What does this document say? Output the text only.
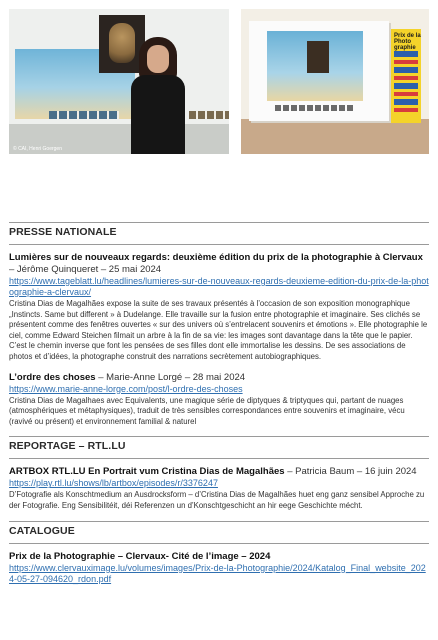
© CAI, Henri Goergen
Prix de la Photo graphie
PRESSE NATIONALE

Lumières sur de nouveaux regards: deuxième édition du prix de la photographie à Clervaux – Jérôme Quinqueret – 25 mai 2024

https://www.tageblatt.lu/headlines/lumieres-sur-de-nouveaux-regards-deuxieme-edition-du-prix-de-la-photographie-a-clervaux/

Cristina Dias de Magalhães expose la suite de ses travaux présentés à l’occasion de son exposition monographique „Instincts. Same but different » à Dudelange. Elle travaille sur la fusion entre photographie et imaginaire. Ses clichés se présentent comme des fenêtres ouvertes « sur des univers où s’entrelacent souvenirs et émotions ». Elle photographie le ciel, comme Edward Steichen filmait un arbre à la fin de sa vie: les images sont davantage dans la tête que le papier. C’est le chemin inverse que font les pensées de ses filles dont elle immortalise les dessins. De ses associations de photos et d’idées, la photographe construit des narrations secrètement autobiographiques.

L’ordre des choses – Marie-Anne Lorgé – 28 mai 2024

https://www.marie-anne-lorge.com/post/l-ordre-des-choses

Cristina Dias de Magalhaes avec Equivalents, une magique série de diptyques & triptyques qui, partant de nuages (atmosphériques et métaphysiques), traduit de très sensibles correspondances entre souvenirs et imaginaire, vécu (ravivé ou présent) et environnement familial & naturel

REPORTAGE – RTL.LU

ARTBOX RTL.LU En Portrait vum Cristina Dias de Magalhães – Patricia Baum – 16 juin 2024

https://play.rtl.lu/shows/lb/artbox/episodes/r/3376247

D’Fotografie als Konschtmedium an Ausdrocksform – d’Cristina Dias de Magalhães huet eng ganz sensibel Approche zu der Fotografie. Eng Sensibilitéit, déi Referenzen un d’Konschtgeschicht an hir eege Geschichte mécht.

CATALOGUE

Prix de la Photographie – Clervaux- Cité de l’image – 2024

https://www.clervauximage.lu/volumes/images/Prix-de-la-Photographie/2024/Katalog_Final_website_2024-05-27-094620_rdon.pdf
